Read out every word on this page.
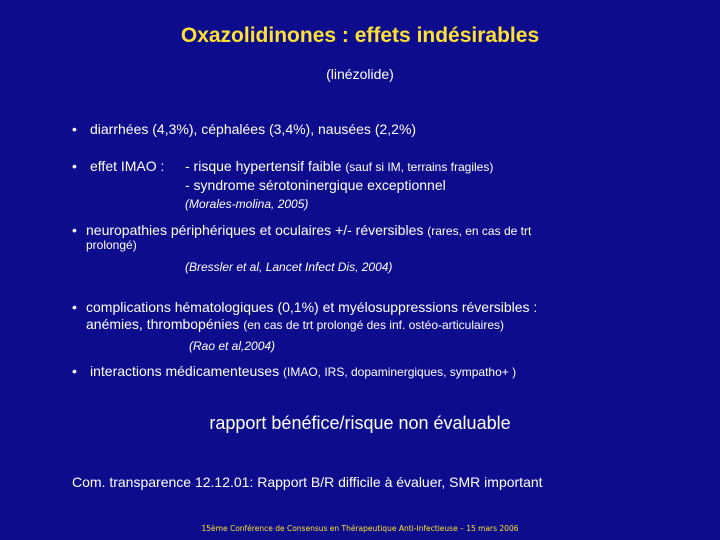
Oxazolidinones : effets indésirables
(linézolide)
• diarrhées (4,3%), céphalées (3,4%), nausées (2,2%)
• effet IMAO : - risque hypertensif faible (sauf si IM, terrains fragiles)
- syndrome sérotoninergique exceptionnel
(Morales-molina, 2005)
• neuropathies périphériques et oculaires +/- réversibles (rares, en cas de trt
prolongé)
(Bressler et al, Lancet Infect Dis, 2004)
• complications hématologiques (0,1%) et myélosuppressions réversibles :
anémies, thrombopénies (en cas de trt prolongé des inf. ostéo-articulaires)
(Rao et al,2004)
• interactions médicamenteuses (IMAO, IRS, dopaminergiques, sympatho+ )
rapport bénéfice/risque non évaluable
Com. transparence 12.12.01: Rapport B/R difficile à évaluer, SMR important
15ème Conférence de Consensus en Thérapeutique Anti-Infectieuse – 15 mars 2006
